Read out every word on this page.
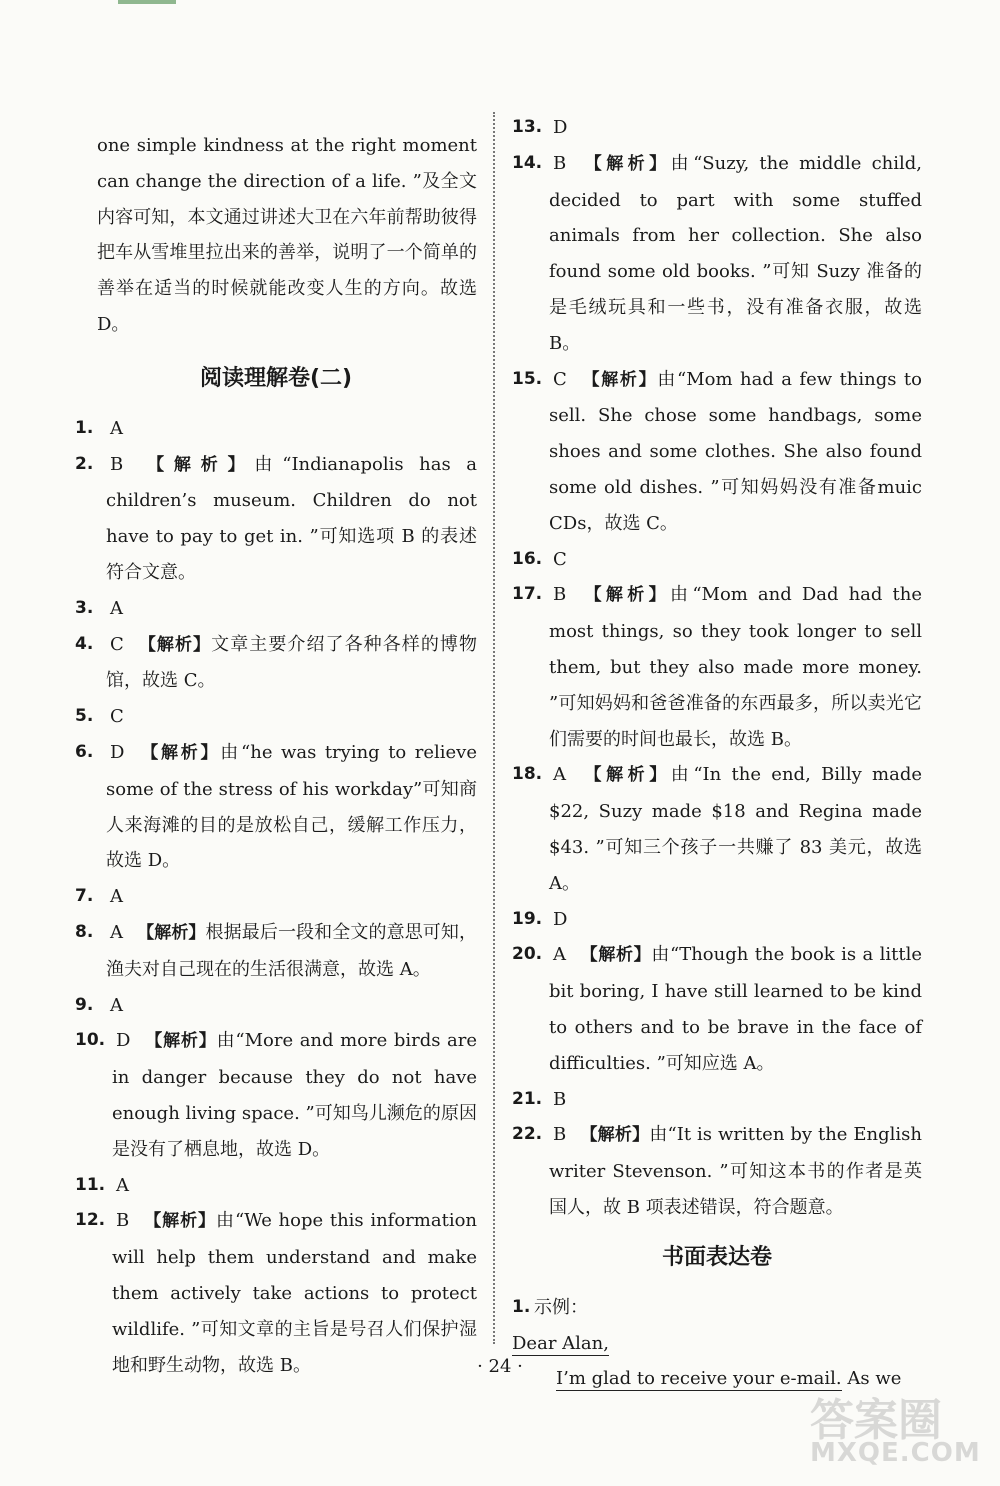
one simple kindness at the right moment can change the direction of a life. ”及全文内容可知，本文通过讲述大卫在六年前帮助彼得把车从雪堆里拉出来的善举，说明了一个简单的善举在适当的时候就能改变人生的方向。故选 D。

阅读理解卷(二)

1. A

2. B 【解析】由“Indianapolis has a children’s museum. Children do not have to pay to get in. ”可知选项 B 的表述符合文意。

3. A

4. C 【解析】文章主要介绍了各种各样的博物馆，故选 C。

5. C

6. D 【解析】由“he was trying to relieve some of the stress of his workday”可知商人来海滩的目的是放松自己，缓解工作压力，故选 D。

7. A

8. A 【解析】根据最后一段和全文的意思可知，渔夫对自己现在的生活很满意，故选 A。

9. A

10. D 【解析】由“More and more birds are in danger because they do not have enough living space. ”可知鸟儿濒危的原因是没有了栖息地，故选 D。

11. A

12. B 【解析】由“We hope this information will help them understand and make them actively take actions to protect wildlife. ”可知文章的主旨是号召人们保护湿地和野生动物，故选 B。

13. D

14. B 【解析】由“Suzy, the middle child, decided to part with some stuffed animals from her collection. She also found some old books. ”可知 Suzy 准备的是毛绒玩具和一些书，没有准备衣服，故选 B。

15. C 【解析】由“Mom had a few things to sell. She chose some handbags, some shoes and some clothes. She also found some old dishes. ”可知妈妈没有准备muic CDs，故选 C。

16. C

17. B 【解析】由“Mom and Dad had the most things, so they took longer to sell them, but they also made more money. ”可知妈妈和爸爸准备的东西最多，所以卖光它们需要的时间也最长，故选 B。

18. A 【解析】由“In the end, Billy made $22, Suzy made $18 and Regina made $43. ”可知三个孩子一共赚了 83 美元，故选 A。

19. D

20. A 【解析】由“Though the book is a little bit boring, I have still learned to be kind to others and to be brave in the face of difficulties. ”可知应选 A。

21. B

22. B 【解析】由“It is written by the English writer Stevenson. ”可知这本书的作者是英国人，故 B 项表述错误，符合题意。

书面表达卷
1. 示例：
Dear Alan,
I’m glad to receive your e-mail. As we
· 24 ·
答案圈
MXQE.COM
